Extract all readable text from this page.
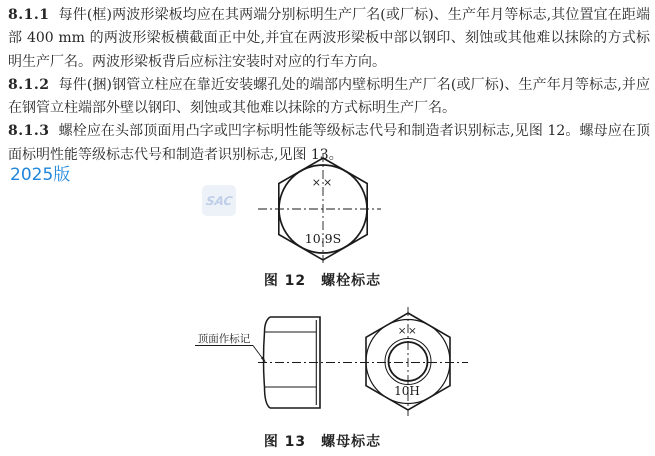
8.1.1 每件(框)两波形梁板均应在其两端分别标明生产厂名(或厂标)、生产年月等标志,其位置宜在距端部 400 mm 的两波形梁板横截面正中处,并宜在两波形梁板中部以钢印、刻蚀或其他难以抹除的方式标明生产厂名。两波形梁板背后应标注安装时对应的行车方向。

8.1.2 每件(捆)钢管立柱应在靠近安装螺孔处的端部内壁标明生产厂名(或厂标)、生产年月等标志,并应在钢管立柱端部外壁以钢印、刻蚀或其他难以抹除的方式标明生产厂名。

8.1.3 螺栓应在头部顶面用凸字或凹字标明性能等级标志代号和制造者识别标志,见图 12。螺母应在顶面标明性能等级标志代号和制造者识别标志,见图 13。

2025版
SAC
××
10.9S
图 12　螺栓标志
顶面作标记
××
10H
图 13　螺母标志
